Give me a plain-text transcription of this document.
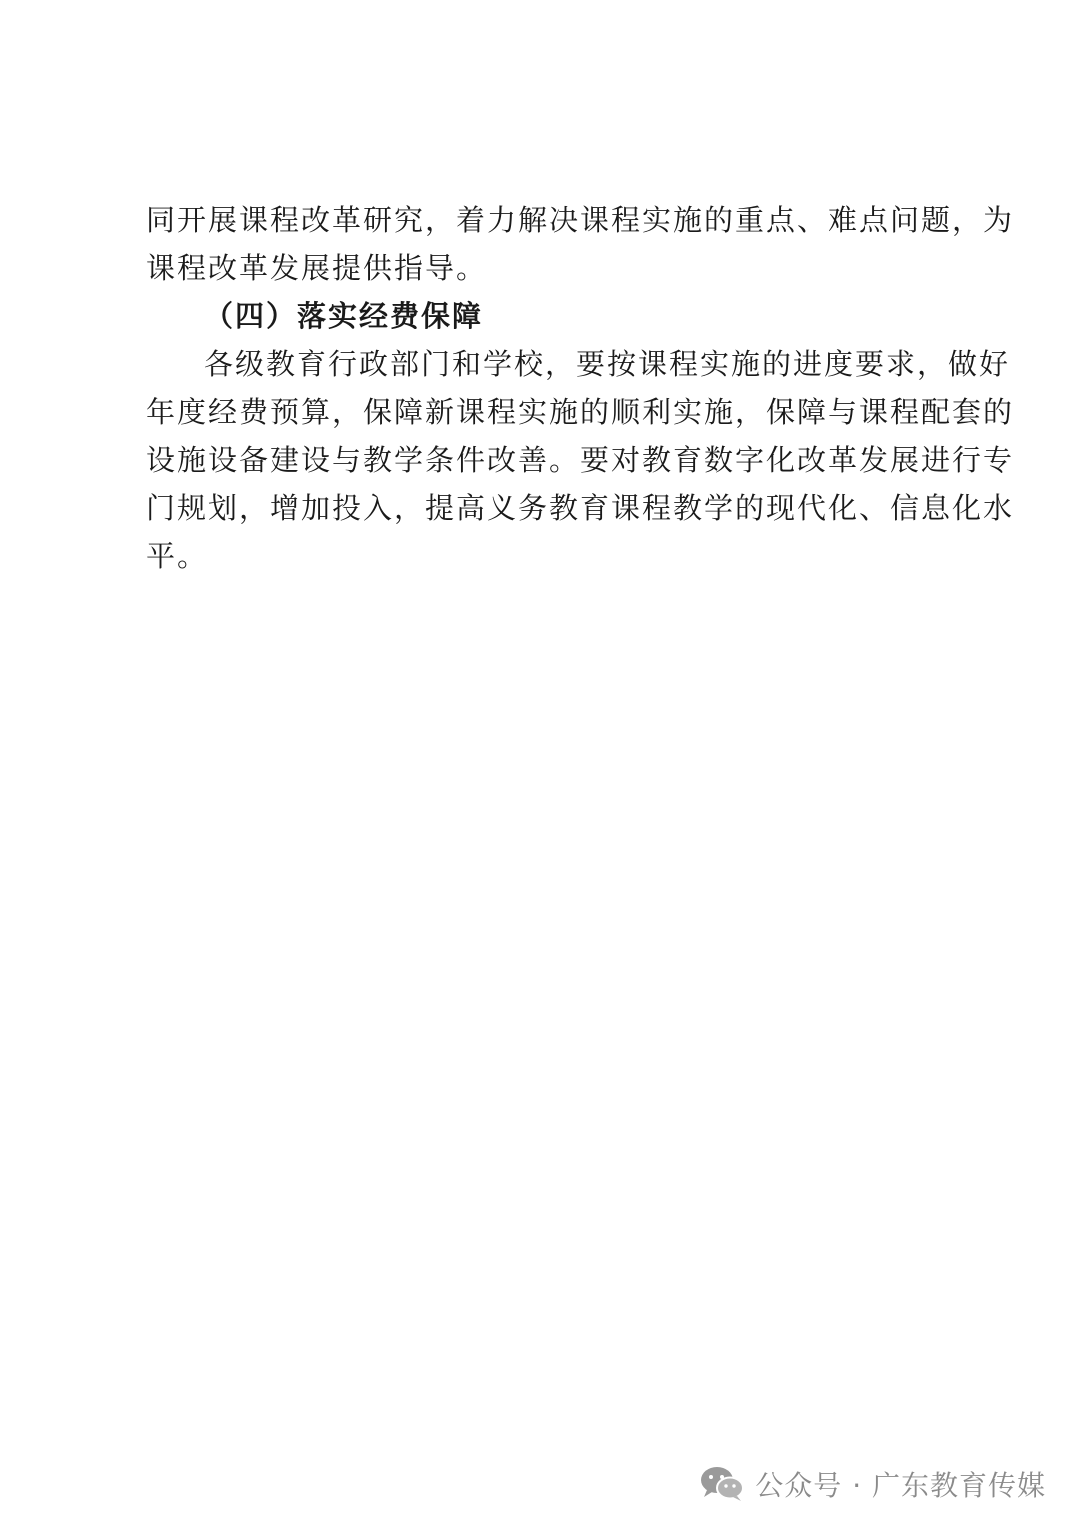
同开展课程改革研究，着力解决课程实施的重点、难点问题，为
课程改革发展提供指导。
（四）落实经费保障
各级教育行政部门和学校，要按课程实施的进度要求，做好
年度经费预算，保障新课程实施的顺利实施，保障与课程配套的
设施设备建设与教学条件改善。要对教育数字化改革发展进行专
门规划，增加投入，提高义务教育课程教学的现代化、信息化水
平。
公众号 · 广东教育传媒
